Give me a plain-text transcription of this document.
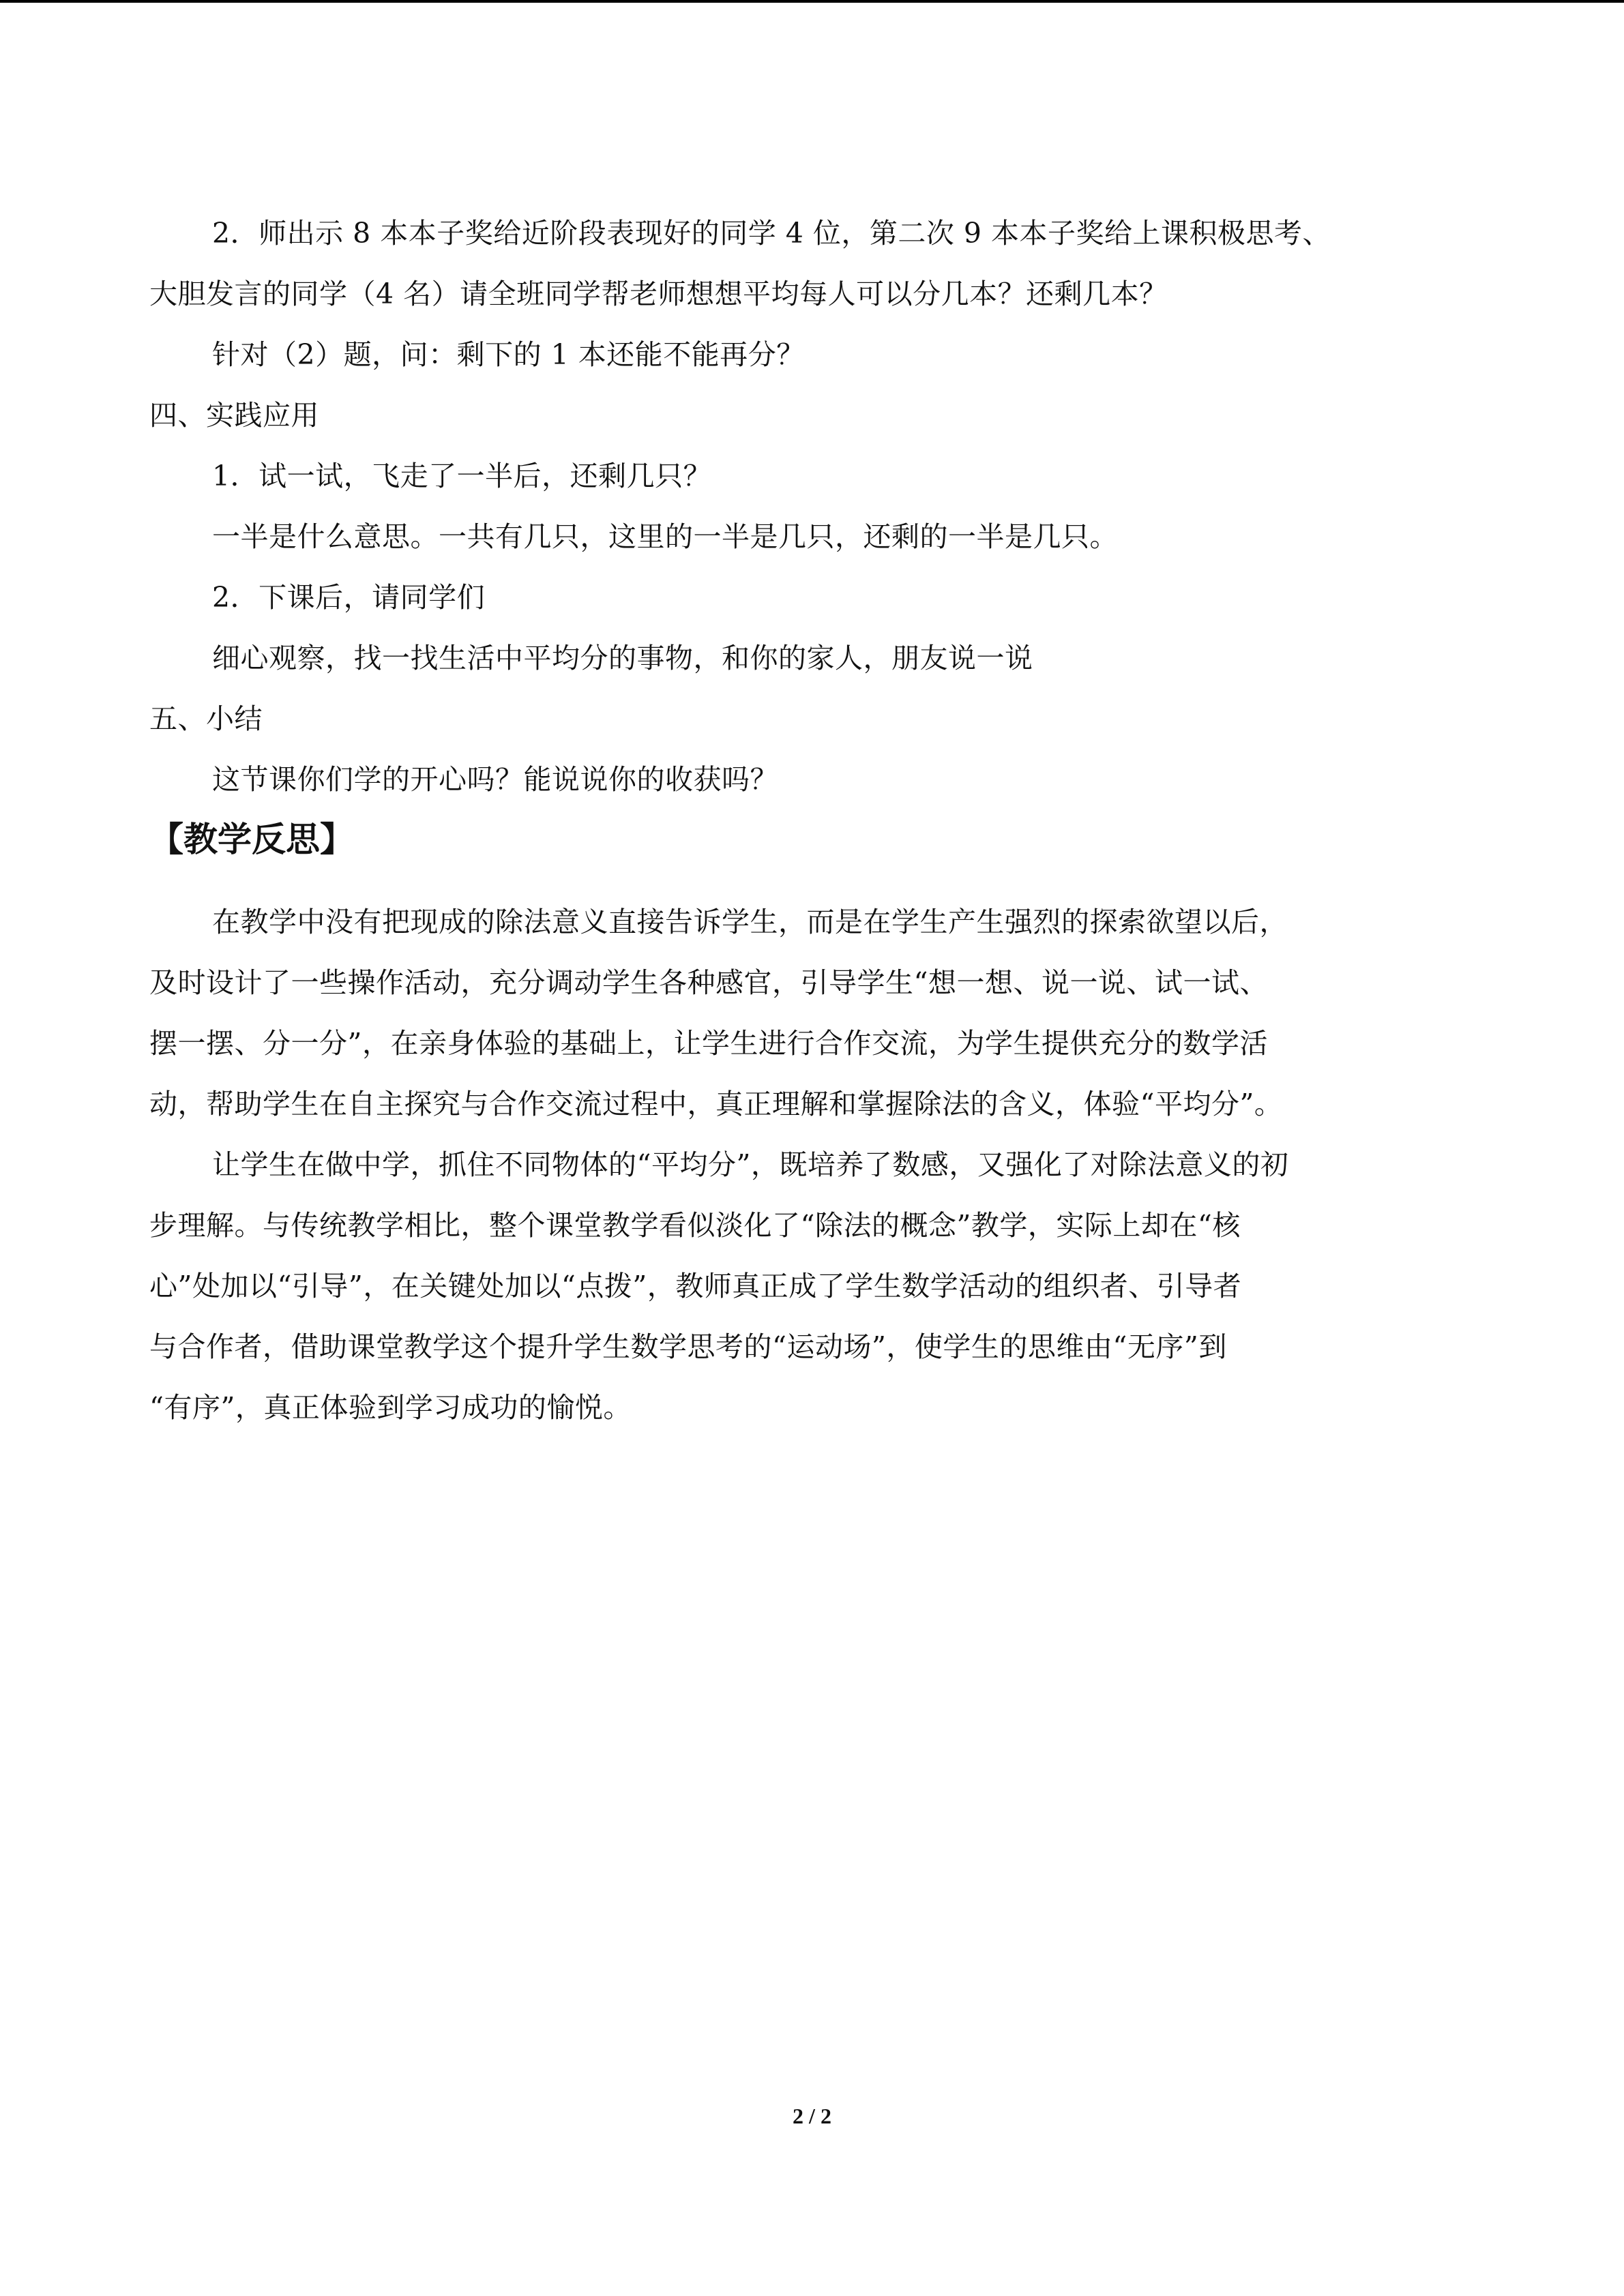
2．师出示 8 本本子奖给近阶段表现好的同学 4 位，第二次 9 本本子奖给上课积极思考、
大胆发言的同学（4 名）请全班同学帮老师想想平均每人可以分几本？还剩几本？
针对（2）题，问：剩下的 1 本还能不能再分？
四、实践应用
1．试一试，飞走了一半后，还剩几只？
一半是什么意思。一共有几只，这里的一半是几只，还剩的一半是几只。
2．下课后，请同学们
细心观察，找一找生活中平均分的事物，和你的家人，朋友说一说
五、小结
这节课你们学的开心吗？能说说你的收获吗？
【教学反思】
在教学中没有把现成的除法意义直接告诉学生，而是在学生产生强烈的探索欲望以后，
及时设计了一些操作活动，充分调动学生各种感官，引导学生“想一想、说一说、试一试、
摆一摆、分一分”，在亲身体验的基础上，让学生进行合作交流，为学生提供充分的数学活
动，帮助学生在自主探究与合作交流过程中，真正理解和掌握除法的含义，体验“平均分”。
让学生在做中学，抓住不同物体的“平均分”，既培养了数感，又强化了对除法意义的初
步理解。与传统教学相比，整个课堂教学看似淡化了“除法的概念”教学，实际上却在“核
心”处加以“引导”，在关键处加以“点拨”，教师真正成了学生数学活动的组织者、引导者
与合作者，借助课堂教学这个提升学生数学思考的“运动场”，使学生的思维由“无序”到
“有序”，真正体验到学习成功的愉悦。
2 / 2
